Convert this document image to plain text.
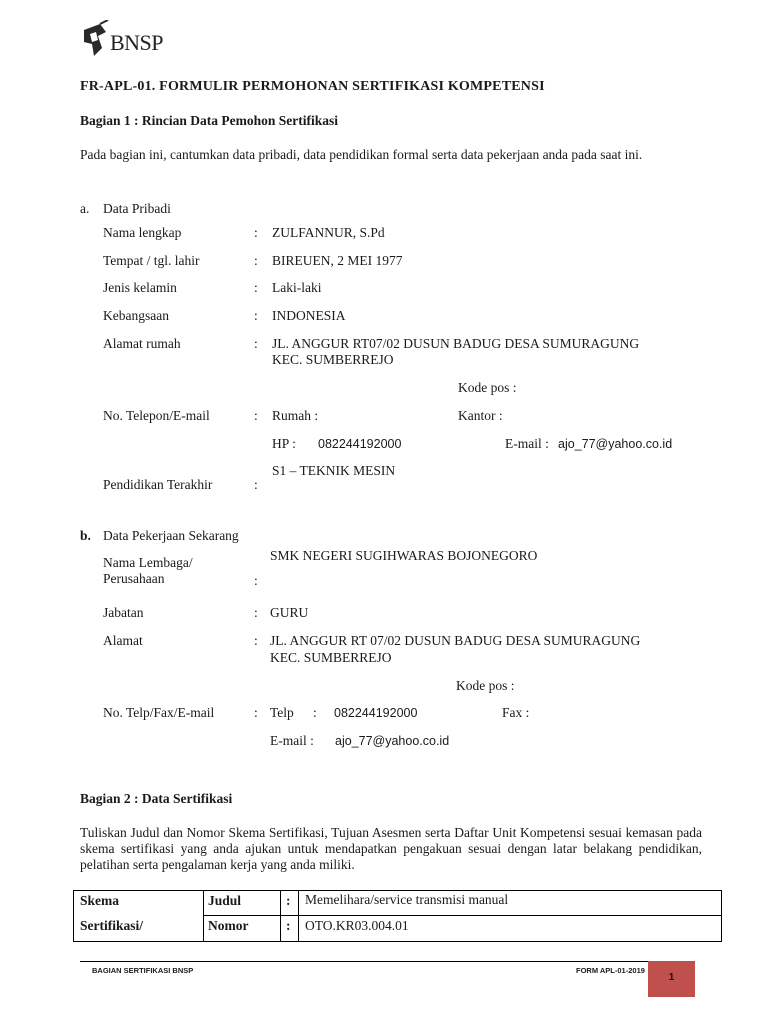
BNSP
FR-APL-01. FORMULIR PERMOHONAN SERTIFIKASI KOMPETENSI
Bagian 1 : Rincian Data Pemohon Sertifikasi
Pada bagian ini, cantumkan data pribadi, data pendidikan formal serta data pekerjaan anda pada saat ini.
a. Data Pribadi
Nama lengkap	: ZULFANNUR, S.Pd
Tempat / tgl. lahir	: BIREUEN, 2 MEI 1977
Jenis kelamin	: Laki-laki
Kebangsaan	: INDONESIA
Alamat rumah	: JL. ANGGUR RT07/02 DUSUN BADUG DESA SUMURAGUNG
KEC. SUMBERREJO
Kode pos :
No. Telepon/E-mail	: Rumah :	Kantor :
HP : 082244192000	E-mail : ajo_77@yahoo.co.id
S1 – TEKNIK MESIN
Pendidikan Terakhir	:
b. Data Pekerjaan Sekarang
Nama Lembaga/
Perusahaan	:
SMK NEGERI SUGIHWARAS BOJONEGORO
Jabatan	: GURU
Alamat	: JL. ANGGUR RT 07/02 DUSUN BADUG DESA SUMURAGUNG
KEC. SUMBERREJO
Kode pos :
No. Telp/Fax/E-mail	: Telp : 082244192000	Fax :
E-mail : ajo_77@yahoo.co.id
Bagian 2 : Data Sertifikasi
Tuliskan Judul dan Nomor Skema Sertifikasi, Tujuan Asesmen serta Daftar Unit Kompetensi sesuai kemasan pada skema sertifikasi yang anda ajukan untuk mendapatkan pengakuan sesuai dengan latar belakang pendidikan, pelatihan serta pengalaman kerja yang anda miliki.
Skema
Sertifikasi/
Judul	: Memelihara/service transmisi manual
Nomor	: OTO.KR03.004.01
BAGIAN SERTIFIKASI BNSP	FORM APL-01-2019
1
